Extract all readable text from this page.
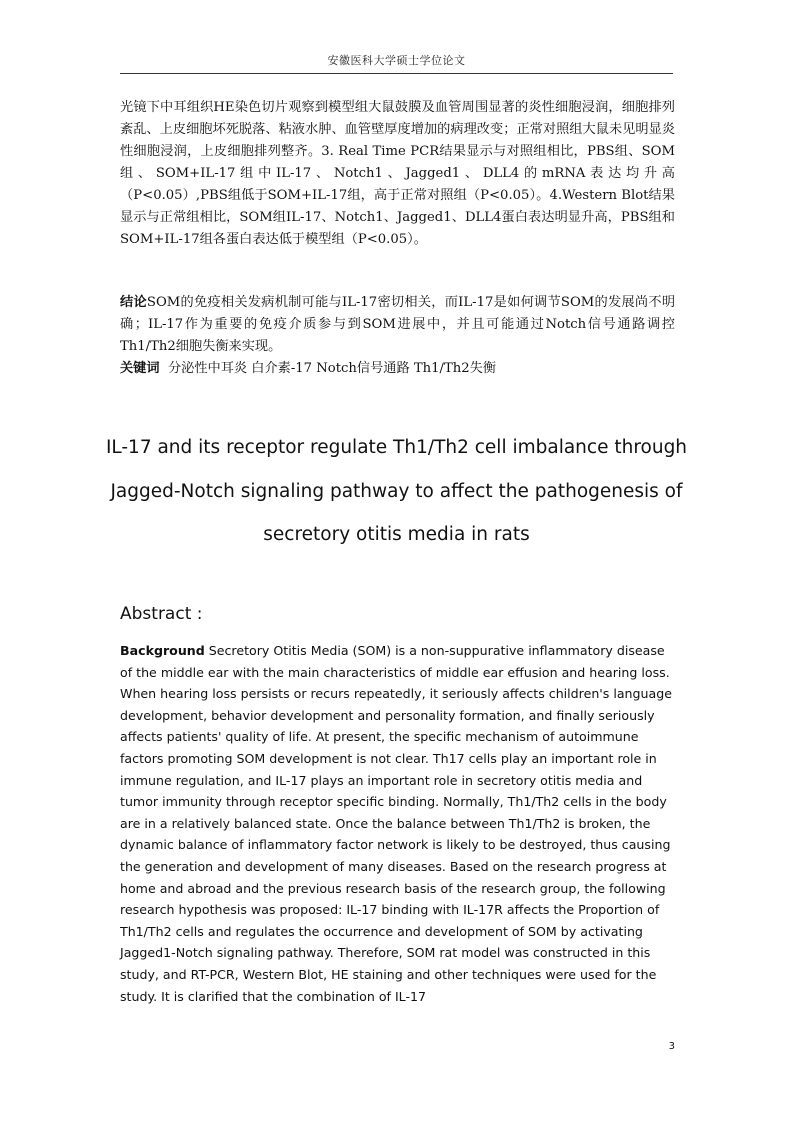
安徽医科大学硕士学位论文

光镜下中耳组织HE染色切片观察到模型组大鼠鼓膜及血管周围显著的炎性细胞浸润，细胞排列紊乱、上皮细胞坏死脱落、粘液水肿、血管壁厚度增加的病理改变；正常对照组大鼠未见明显炎性细胞浸润，上皮细胞排列整齐。3. Real Time PCR结果显示与对照组相比，PBS组、SOM组、SOM+IL-17组中IL-17、Notch1、Jagged1、DLL4的mRNA表达均升高（P<0.05）,PBS组低于SOM+IL-17组，高于正常对照组（P<0.05）。4.Western Blot结果显示与正常组相比，SOM组IL-17、Notch1、Jagged1、DLL4蛋白表达明显升高，PBS组和SOM+IL-17组各蛋白表达低于模型组（P<0.05）。

结论SOM的免疫相关发病机制可能与IL-17密切相关，而IL-17是如何调节SOM的发展尚不明确；IL-17作为重要的免疫介质参与到SOM进展中，并且可能通过Notch信号通路调控Th1/Th2细胞失衡来实现。

关键词 分泌性中耳炎 白介素-17 Notch信号通路 Th1/Th2失衡

IL-17 and its receptor regulate Th1/Th2 cell imbalance through
Jagged-Notch signaling pathway to affect the pathogenesis of
secretory otitis media in rats
Abstract :
Background Secretory Otitis Media (SOM) is a non-suppurative inflammatory disease of the middle ear with the main characteristics of middle ear effusion and hearing loss. When hearing loss persists or recurs repeatedly, it seriously affects children's language development, behavior development and personality formation, and finally seriously affects patients' quality of life. At present, the specific mechanism of autoimmune factors promoting SOM development is not clear. Th17 cells play an important role in immune regulation, and IL-17 plays an important role in secretory otitis media and tumor immunity through receptor specific binding. Normally, Th1/Th2 cells in the body are in a relatively balanced state. Once the balance between Th1/Th2 is broken, the dynamic balance of inflammatory factor network is likely to be destroyed, thus causing the generation and development of many diseases. Based on the research progress at home and abroad and the previous research basis of the research group, the following research hypothesis was proposed: IL-17 binding with IL-17R affects the Proportion of Th1/Th2 cells and regulates the occurrence and development of SOM by activating Jagged1-Notch signaling pathway. Therefore, SOM rat model was constructed in this study, and RT-PCR, Western Blot, HE staining and other techniques were used for the study. It is clarified that the combination of IL-17
3
